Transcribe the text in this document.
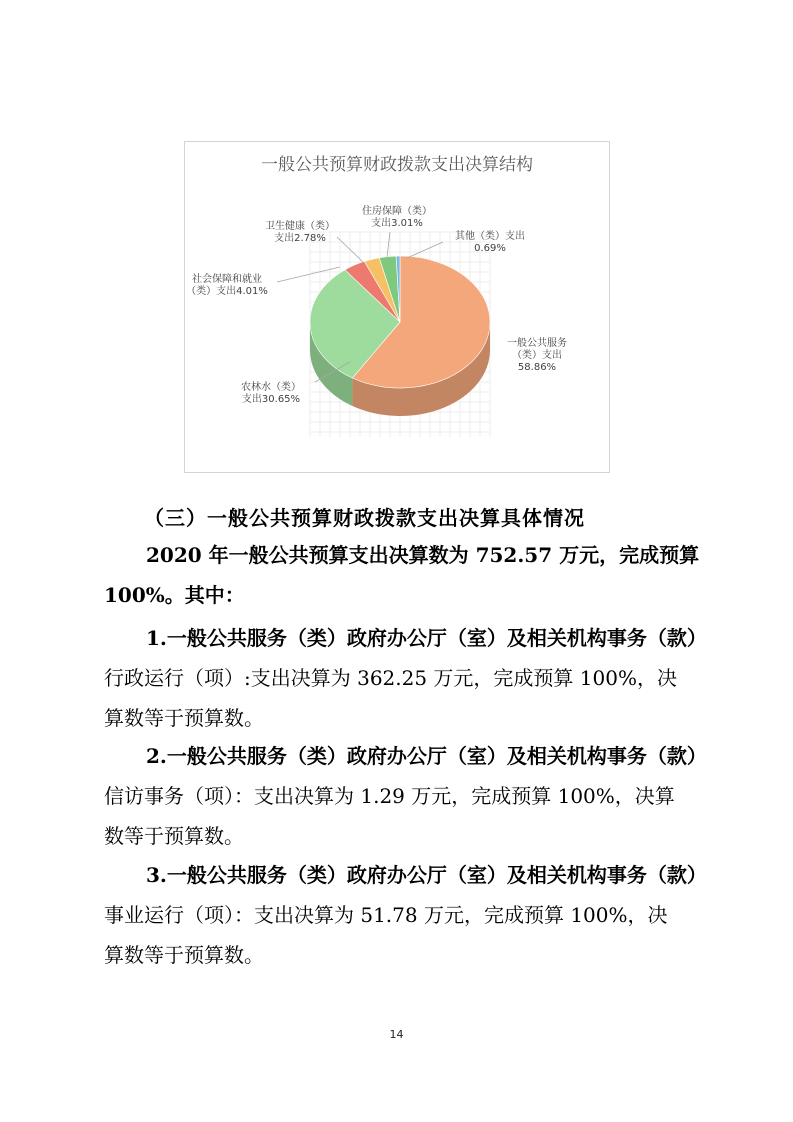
一般公共预算财政拨款支出决算结构
一般公共服务（类）支出 58.86%
农林水（类）支出30.65%
社会保障和就业（类）支出4.01%
卫生健康（类）支出2.78%
住房保障（类）支出3.01%
其他（类）支出 0.69%
（三）一般公共预算财政拨款支出决算具体情况
2020 年一般公共预算支出决算数为 752.57 万元，完成预算
100%。其中：
1.一般公共服务（类）政府办公厅（室）及相关机构事务（款）
行政运行（项）:支出决算为 362.25 万元，完成预算 100%，决
算数等于预算数。
2.一般公共服务（类）政府办公厅（室）及相关机构事务（款）
信访事务（项）：支出决算为 1.29 万元，完成预算 100%，决算
数等于预算数。
3.一般公共服务（类）政府办公厅（室）及相关机构事务（款）
事业运行（项）：支出决算为 51.78 万元，完成预算 100%，决
算数等于预算数。
14
